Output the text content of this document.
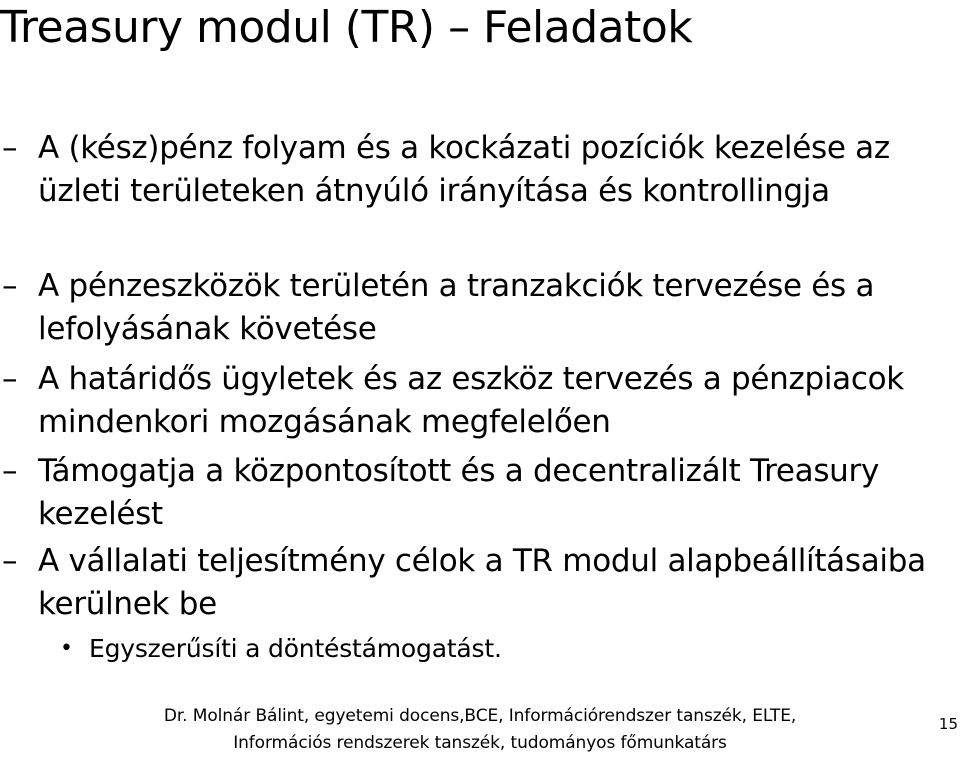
Treasury modul (TR) – Feladatok
– A (kész)pénz folyam és a kockázati pozíciók kezelése az üzleti területeken átnyúló irányítása és kontrollingja
– A pénzeszközök területén a tranzakciók tervezése és a lefolyásának követése
– A határidős ügyletek és az eszköz tervezés a pénzpiacok mindenkori mozgásának megfelelően
– Támogatja a központosított és a decentralizált Treasury kezelést
– A vállalati teljesítmény célok a TR modul alapbeállításaiba kerülnek be
• Egyszerűsíti a döntéstámogatást.
Dr. Molnár Bálint, egyetemi docens,BCE, Információrendszer tanszék, ELTE,
Információs rendszerek tanszék, tudományos főmunkatárs
15
